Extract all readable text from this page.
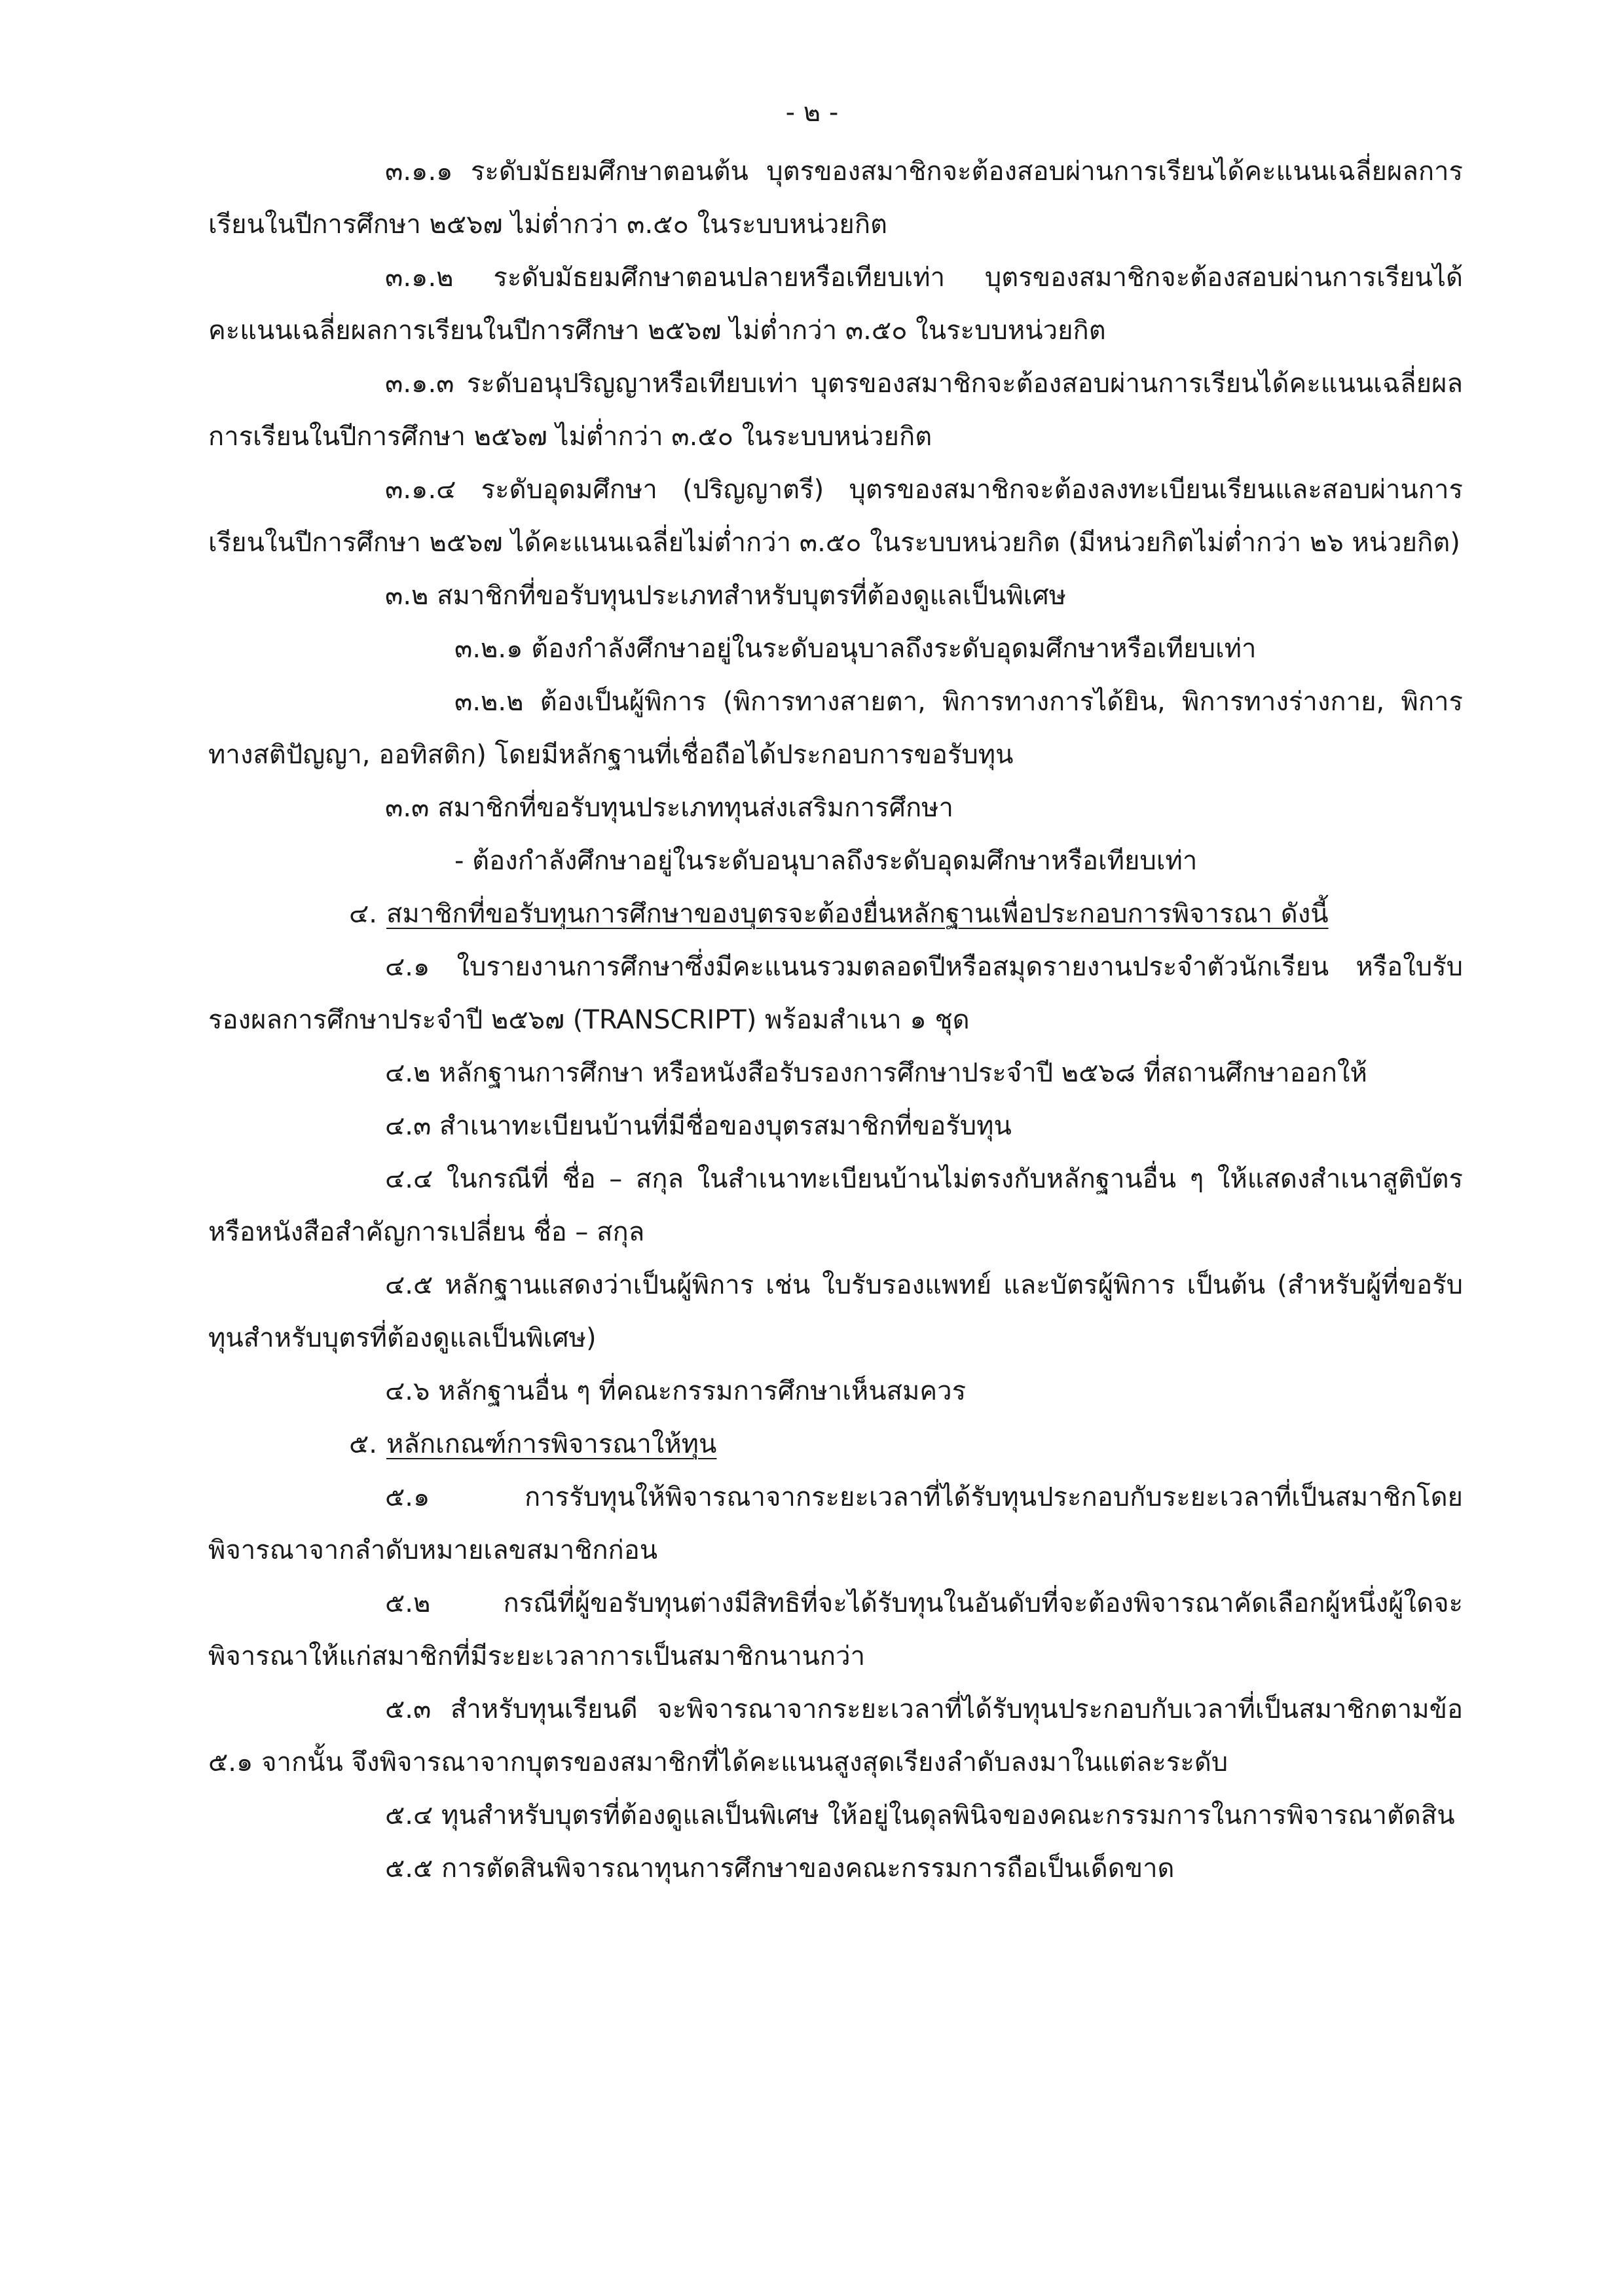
- ๒ -

๓.๑.๑ ระดับมัธยมศึกษาตอนต้น บุตรของสมาชิกจะต้องสอบผ่านการเรียนได้คะแนนเฉลี่ยผลการเรียนในปีการศึกษา ๒๕๖๗ ไม่ต่ำกว่า ๓.๕๐ ในระบบหน่วยกิต

๓.๑.๒ ระดับมัธยมศึกษาตอนปลายหรือเทียบเท่า บุตรของสมาชิกจะต้องสอบผ่านการเรียนได้คะแนนเฉลี่ยผลการเรียนในปีการศึกษา ๒๕๖๗ ไม่ต่ำกว่า ๓.๕๐ ในระบบหน่วยกิต

๓.๑.๓ ระดับอนุปริญญาหรือเทียบเท่า บุตรของสมาชิกจะต้องสอบผ่านการเรียนได้คะแนนเฉลี่ยผลการเรียนในปีการศึกษา ๒๕๖๗ ไม่ต่ำกว่า ๓.๕๐ ในระบบหน่วยกิต

๓.๑.๔ ระดับอุดมศึกษา (ปริญญาตรี) บุตรของสมาชิกจะต้องลงทะเบียนเรียนและสอบผ่านการเรียนในปีการศึกษา ๒๕๖๗ ได้คะแนนเฉลี่ยไม่ต่ำกว่า ๓.๕๐ ในระบบหน่วยกิต (มีหน่วยกิตไม่ต่ำกว่า ๒๖ หน่วยกิต)

๓.๒ สมาชิกที่ขอรับทุนประเภทสำหรับบุตรที่ต้องดูแลเป็นพิเศษ

๓.๒.๑ ต้องกำลังศึกษาอยู่ในระดับอนุบาลถึงระดับอุดมศึกษาหรือเทียบเท่า

๓.๒.๒ ต้องเป็นผู้พิการ (พิการทางสายตา, พิการทางการได้ยิน, พิการทางร่างกาย, พิการทางสติปัญญา, ออทิสติก) โดยมีหลักฐานที่เชื่อถือได้ประกอบการขอรับทุน

๓.๓ สมาชิกที่ขอรับทุนประเภททุนส่งเสริมการศึกษา

- ต้องกำลังศึกษาอยู่ในระดับอนุบาลถึงระดับอุดมศึกษาหรือเทียบเท่า

๔. สมาชิกที่ขอรับทุนการศึกษาของบุตรจะต้องยื่นหลักฐานเพื่อประกอบการพิจารณา ดังนี้

๔.๑ ใบรายงานการศึกษาซึ่งมีคะแนนรวมตลอดปีหรือสมุดรายงานประจำตัวนักเรียน หรือใบรับรองผลการศึกษาประจำปี ๒๕๖๗ (TRANSCRIPT) พร้อมสำเนา ๑ ชุด

๔.๒ หลักฐานการศึกษา หรือหนังสือรับรองการศึกษาประจำปี ๒๕๖๘ ที่สถานศึกษาออกให้

๔.๓ สำเนาทะเบียนบ้านที่มีชื่อของบุตรสมาชิกที่ขอรับทุน

๔.๔ ในกรณีที่ ชื่อ – สกุล ในสำเนาทะเบียนบ้านไม่ตรงกับหลักฐานอื่น ๆ ให้แสดงสำเนาสูติบัตร หรือหนังสือสำคัญการเปลี่ยน ชื่อ – สกุล

๔.๕ หลักฐานแสดงว่าเป็นผู้พิการ เช่น ใบรับรองแพทย์ และบัตรผู้พิการ เป็นต้น (สำหรับผู้ที่ขอรับทุนสำหรับบุตรที่ต้องดูแลเป็นพิเศษ)

๔.๖ หลักฐานอื่น ๆ ที่คณะกรรมการศึกษาเห็นสมควร

๕. หลักเกณฑ์การพิจารณาให้ทุน

๕.๑ การรับทุนให้พิจารณาจากระยะเวลาที่ได้รับทุนประกอบกับระยะเวลาที่เป็นสมาชิกโดยพิจารณาจากลำดับหมายเลขสมาชิกก่อน

๕.๒ กรณีที่ผู้ขอรับทุนต่างมีสิทธิที่จะได้รับทุนในอันดับที่จะต้องพิจารณาคัดเลือกผู้หนึ่งผู้ใดจะพิจารณาให้แก่สมาชิกที่มีระยะเวลาการเป็นสมาชิกนานกว่า

๕.๓ สำหรับทุนเรียนดี จะพิจารณาจากระยะเวลาที่ได้รับทุนประกอบกับเวลาที่เป็นสมาชิกตามข้อ ๕.๑ จากนั้น จึงพิจารณาจากบุตรของสมาชิกที่ได้คะแนนสูงสุดเรียงลำดับลงมาในแต่ละระดับ

๕.๔ ทุนสำหรับบุตรที่ต้องดูแลเป็นพิเศษ ให้อยู่ในดุลพินิจของคณะกรรมการในการพิจารณาตัดสิน

๕.๕ การตัดสินพิจารณาทุนการศึกษาของคณะกรรมการถือเป็นเด็ดขาด
